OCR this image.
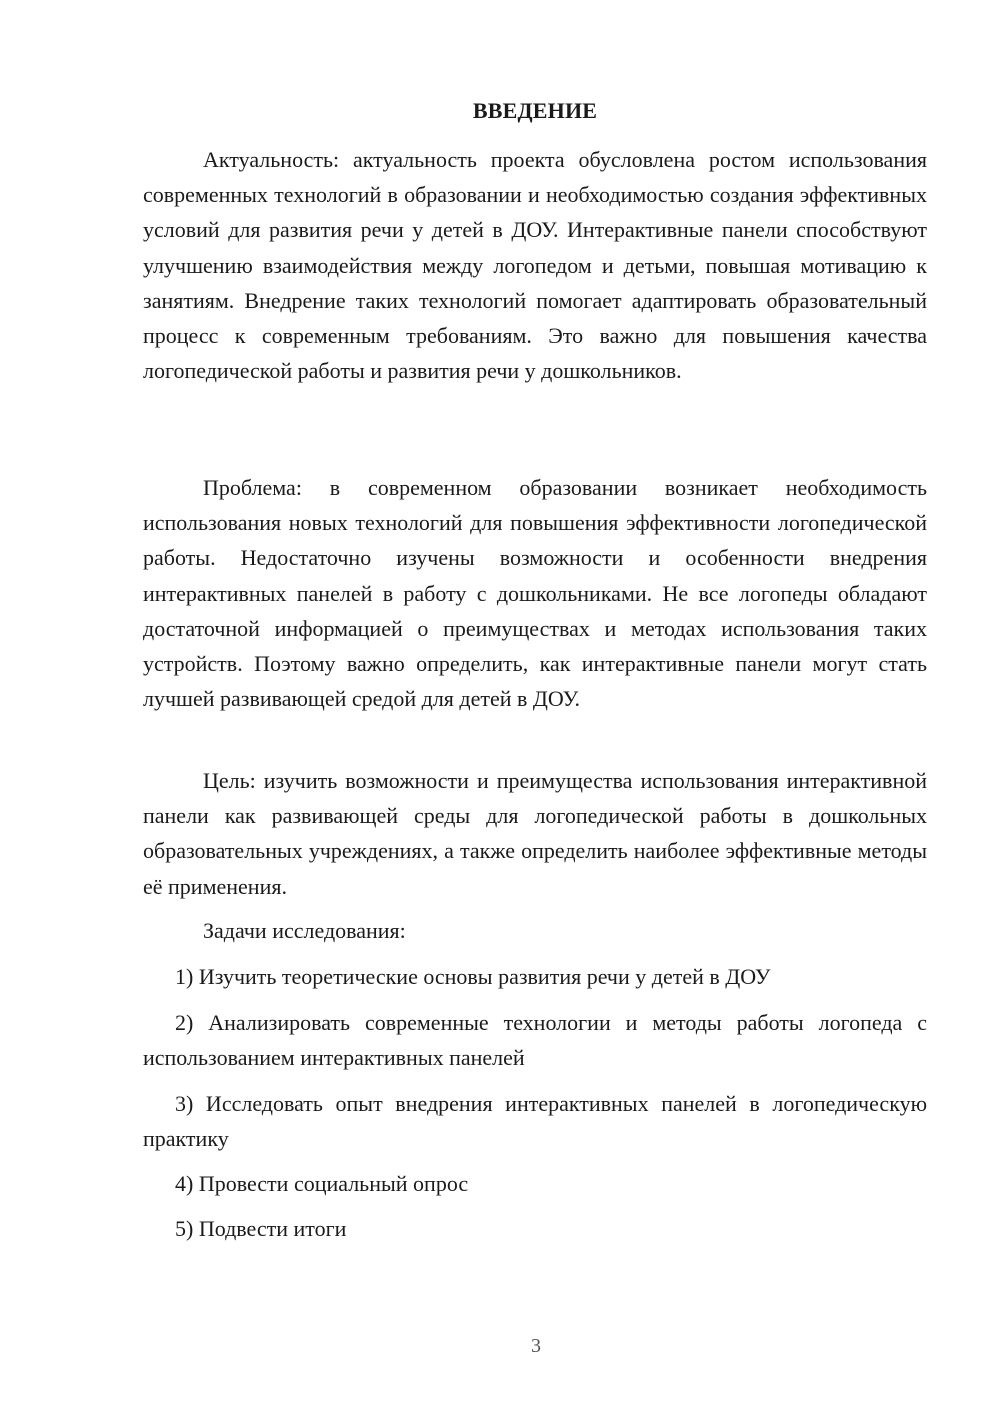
ВВЕДЕНИЕ

Актуальность: актуальность проекта обусловлена ростом использования современных технологий в образовании и необходимостью создания эффективных условий для развития речи у детей в ДОУ. Интерактивные панели способствуют улучшению взаимодействия между логопедом и детьми, повышая мотивацию к занятиям. Внедрение таких технологий помогает адаптировать образовательный процесс к современным требованиям. Это важно для повышения качества логопедической работы и развития речи у дошкольников.

Проблема: в современном образовании возникает необходимость использования новых технологий для повышения эффективности логопедической работы. Недостаточно изучены возможности и особенности внедрения интерактивных панелей в работу с дошкольниками. Не все логопеды обладают достаточной информацией о преимуществах и методах использования таких устройств. Поэтому важно определить, как интерактивные панели могут стать лучшей развивающей средой для детей в ДОУ.

Цель: изучить возможности и преимущества использования интерактивной панели как развивающей среды для логопедической работы в дошкольных образовательных учреждениях, а также определить наиболее эффективные методы её применения.

Задачи исследования:

1) Изучить теоретические основы развития речи у детей в ДОУ

2) Анализировать современные технологии и методы работы логопеда с использованием интерактивных панелей

3) Исследовать опыт внедрения интерактивных панелей в логопедическую практику

4) Провести социальный опрос

5) Подвести итоги

3
